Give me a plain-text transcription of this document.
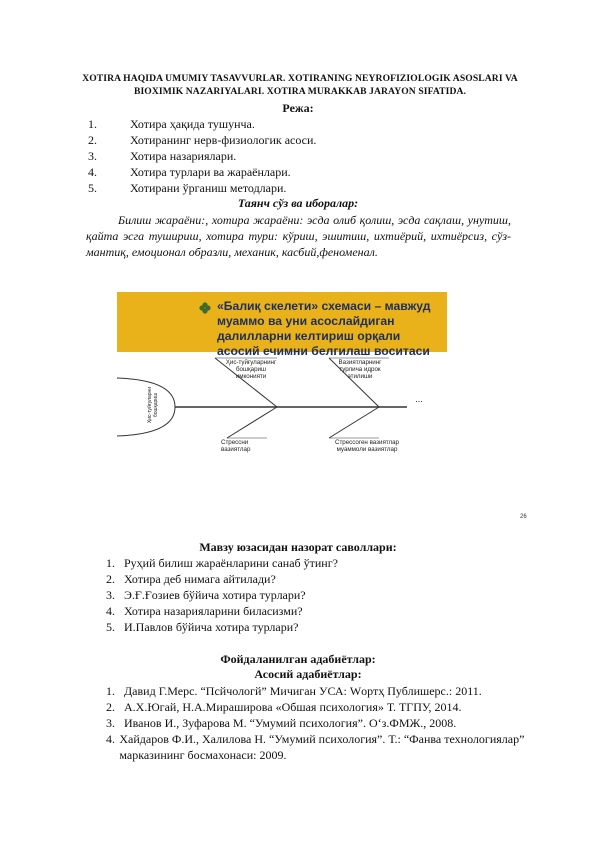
XOTIRA HAQIDA UMUMIY TASAVVURLAR. XOTIRANING NEYROFIZIOLOGIK ASOSLARI VA BIOXIMIK NAZARIYALARI. XOTIRA MURAKKAB JARAYON SIFATIDA.
Режа:
1.	Хотира ҳақида тушунча.
2.	Хотиранинг нерв-физиологик асоси.
3.	Хотира назариялари.
4.	Хотира турлари ва жараёнлари.
5.	Хотирани ўрганиш методлари.
Таянч сўз ва иборалар:
Билиш жараёни:, хотира жараёни: эсда олиб қолиш, эсда сақлаш, унутиш, қайта эсга тушириш, хотира тури: кўриш, эшитиш, ихтиёрий, ихтиёрсиз, сўз-мантиқ, емоционал образли, механик, касбий,феноменал.
«Балиқ скелети» схемаси – мавжуд муаммо ва уни асослайдиган далилларни келтириш орқали асосий ечимни белгилаш воситаси
Ҳис-туйғуларнинг бошқариш имконияти
Вазиятларнинг турлича идрок этилиши
Стрессни вазиятлар
Стрессоген вазиятлар муаммоли вазиятлар
Ҳис-туйғуларни бошқариш	...
26
Мавзу юзасидан назорат саволлари:
1. Руҳий билиш жараёнларини санаб ўтинг?
2. Хотира деб нимага айтилади?
3. Э.Ғ.Ғозиев бўйича хотира турлари?
4. Хотира назарияларини биласизми?
5. И.Павлов бўйича хотира турлари?
Фойдаланилган адабиётлар:
Асосий адабиётлар:
1. Давид Г.Мерс. “Псйчологй” Мичиган УСА: Wортҳ Публишерс.: 2011.
2. А.Х.Югай, Н.А.Мираширова «Обшая психология» Т. ТГПУ, 2014.
3. Иванов И., Зуфарова М. “Умумий психология”. О‘з.ФМЖ., 2008.
4. Хайдаров Ф.И., Халилова Н. “Умумий психология”. Т.: “Фанва технологиялар” марказининг босмахонаси: 2009.
